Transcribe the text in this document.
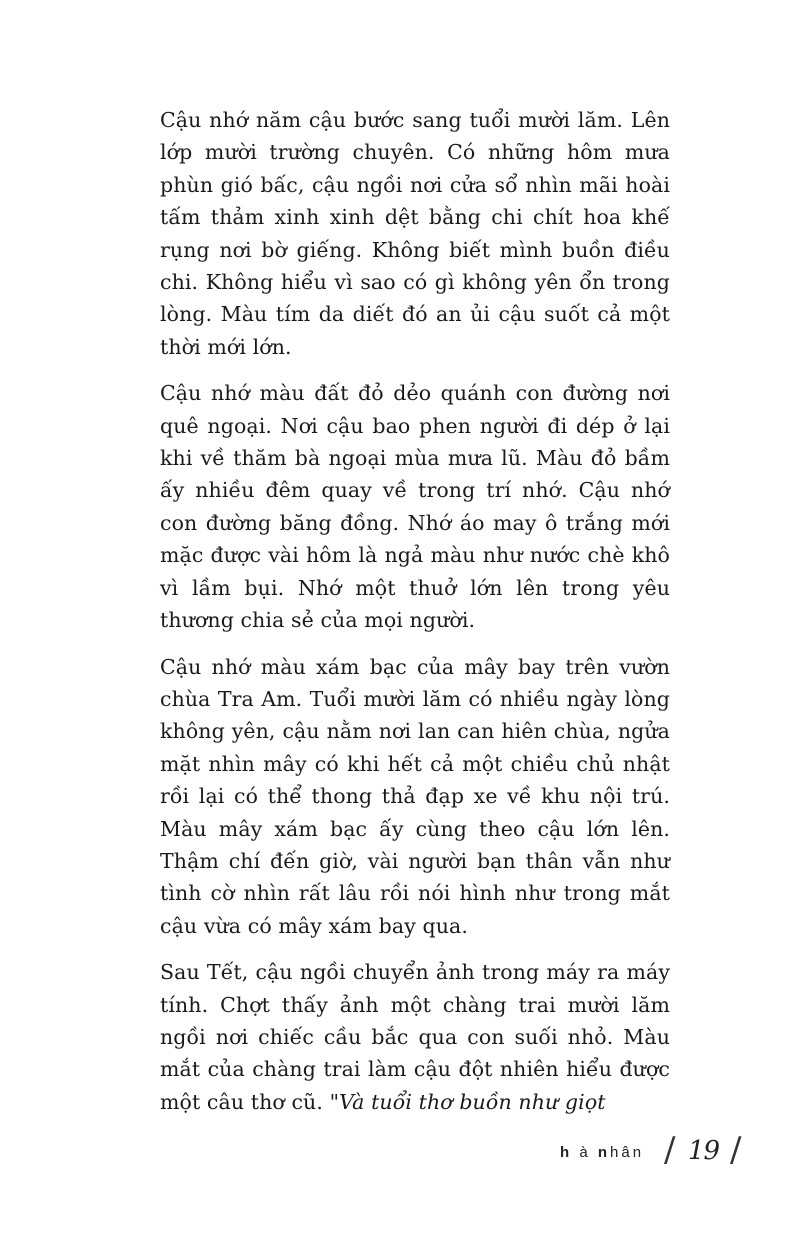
Cậu nhớ năm cậu bước sang tuổi mười lăm. Lên lớp mười trường chuyên. Có những hôm mưa phùn gió bấc, cậu ngồi nơi cửa sổ nhìn mãi hoài tấm thảm xinh xinh dệt bằng chi chít hoa khế rụng nơi bờ giếng. Không biết mình buồn điều chi. Không hiểu vì sao có gì không yên ổn trong lòng. Màu tím da diết đó an ủi cậu suốt cả một thời mới lớn.

Cậu nhớ màu đất đỏ dẻo quánh con đường nơi quê ngoại. Nơi cậu bao phen người đi dép ở lại khi về thăm bà ngoại mùa mưa lũ. Màu đỏ bầm ấy nhiều đêm quay về trong trí nhớ. Cậu nhớ con đường băng đồng. Nhớ áo may ô trắng mới mặc được vài hôm là ngả màu như nước chè khô vì lầm bụi. Nhớ một thuở lớn lên trong yêu thương chia sẻ của mọi người.

Cậu nhớ màu xám bạc của mây bay trên vườn chùa Tra Am. Tuổi mười lăm có nhiều ngày lòng không yên, cậu nằm nơi lan can hiên chùa, ngửa mặt nhìn mây có khi hết cả một chiều chủ nhật rồi lại có thể thong thả đạp xe về khu nội trú. Màu mây xám bạc ấy cùng theo cậu lớn lên. Thậm chí đến giờ, vài người bạn thân vẫn như tình cờ nhìn rất lâu rồi nói hình như trong mắt cậu vừa có mây xám bay qua.

Sau Tết, cậu ngồi chuyển ảnh trong máy ra máy tính. Chợt thấy ảnh một chàng trai mười lăm ngồi nơi chiếc cầu bắc qua con suối nhỏ. Màu mắt của chàng trai làm cậu đột nhiên hiểu được một câu thơ cũ. "Và tuổi thơ buồn như giọt

h à nhân / 19 /
